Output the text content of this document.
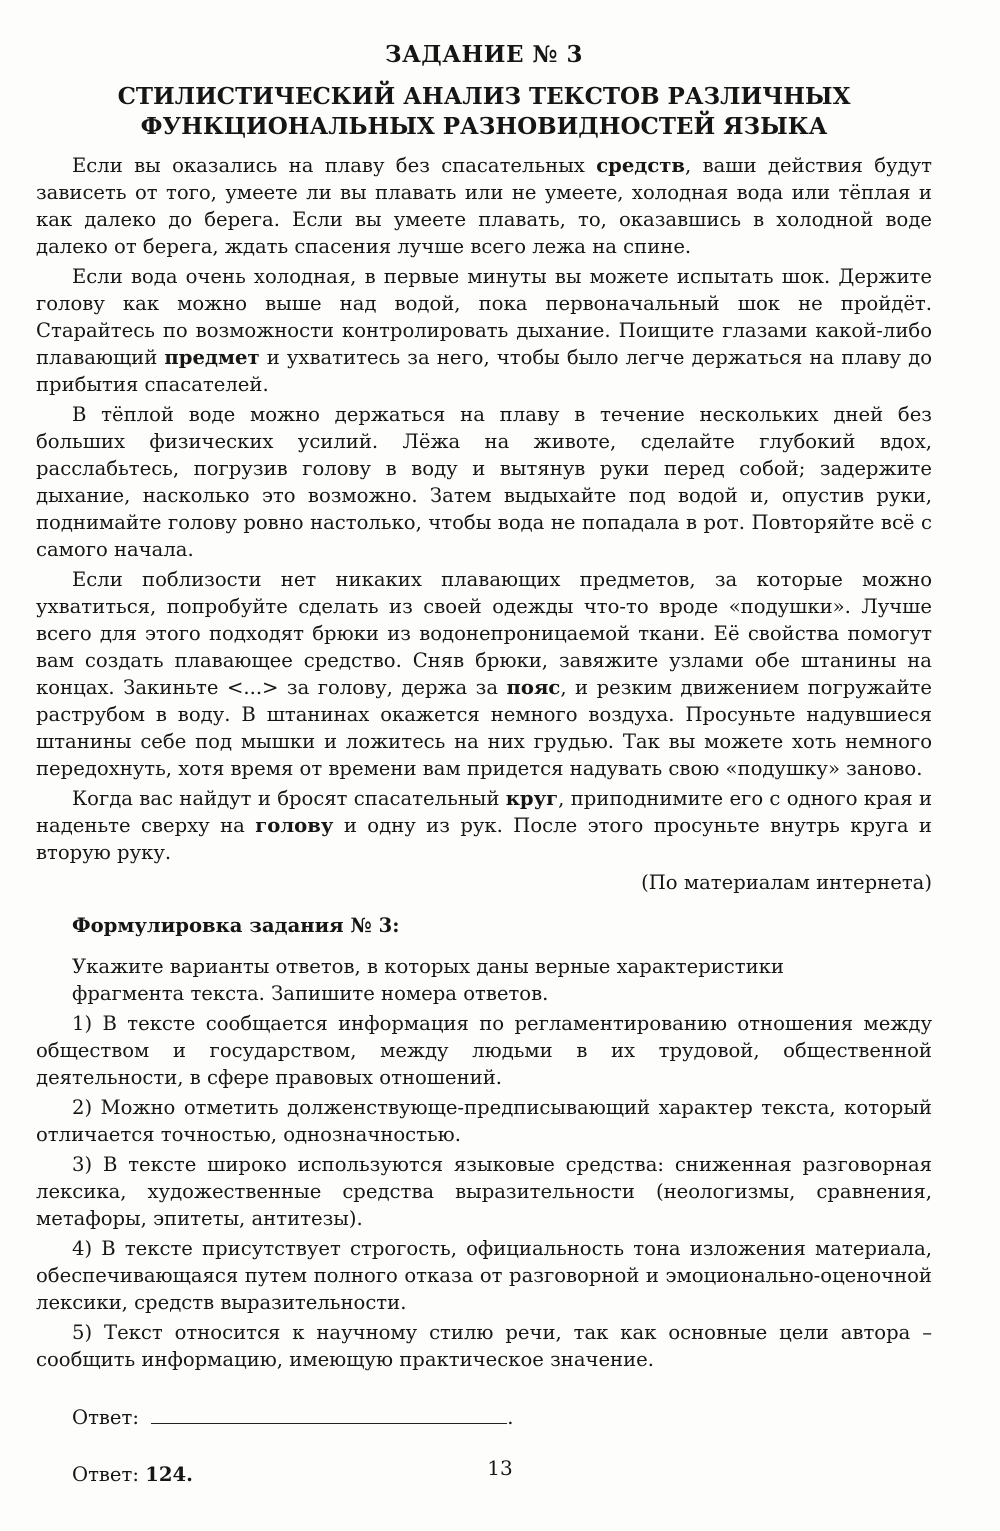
ЗАДАНИЕ № 3
СТИЛИСТИЧЕСКИЙ АНАЛИЗ ТЕКСТОВ РАЗЛИЧНЫХ
ФУНКЦИОНАЛЬНЫХ РАЗНОВИДНОСТЕЙ ЯЗЫКА

Если вы оказались на плаву без спасательных средств, ваши действия будут зависеть от того, умеете ли вы плавать или не умеете, холодная вода или тёплая и как далеко до берега. Если вы умеете плавать, то, оказавшись в холодной воде далеко от берега, ждать спасения лучше всего лежа на спине.

Если вода очень холодная, в первые минуты вы можете испытать шок. Держите голову как можно выше над водой, пока первоначальный шок не пройдёт. Старайтесь по возможности контролировать дыхание. Поищите глазами какой-либо плавающий предмет и ухватитесь за него, чтобы было легче держаться на плаву до прибытия спасателей.

В тёплой воде можно держаться на плаву в течение нескольких дней без больших физических усилий. Лёжа на животе, сделайте глубокий вдох, расслабьтесь, погрузив голову в воду и вытянув руки перед собой; задержите дыхание, насколько это возможно. Затем выдыхайте под водой и, опустив руки, поднимайте голову ровно настолько, чтобы вода не попадала в рот. Повторяйте всё с самого начала.

Если поблизости нет никаких плавающих предметов, за которые можно ухватиться, попробуйте сделать из своей одежды что-то вроде «подушки». Лучше всего для этого подходят брюки из водонепроницаемой ткани. Её свойства помогут вам создать плавающее средство. Сняв брюки, завяжите узлами обе штанины на концах. Закиньте <...> за голову, держа за пояс, и резким движением погружайте раструбом в воду. В штанинах окажется немного воздуха. Просуньте надувшиеся штанины себе под мышки и ложитесь на них грудью. Так вы можете хоть немного передохнуть, хотя время от времени вам придется надувать свою «подушку» заново.

Когда вас найдут и бросят спасательный круг, приподнимите его с одного края и наденьте сверху на голову и одну из рук. После этого просуньте внутрь круга и вторую руку.

(По материалам интернета)
Формулировка задания № 3:
Укажите варианты ответов, в которых даны верные характеристики фрагмента текста. Запишите номера ответов.

1) В тексте сообщается информация по регламентированию отношения между обществом и государством, между людьми в их трудовой, общественной деятельности, в сфере правовых отношений.

2) Можно отметить долженствующе-предписывающий характер текста, который отличается точностью, однозначностью.

3) В тексте широко используются языковые средства: сниженная разговорная лексика, художественные средства выразительности (неологизмы, сравнения, метафоры, эпитеты, антитезы).

4) В тексте присутствует строгость, официальность тона изложения материала, обеспечивающаяся путем полного отказа от разговорной и эмоционально-оценочной лексики, средств выразительности.

5) Текст относится к научному стилю речи, так как основные цели автора – сообщить информацию, имеющую практическое значение.

Ответ:	.
Ответ: 124.	13
